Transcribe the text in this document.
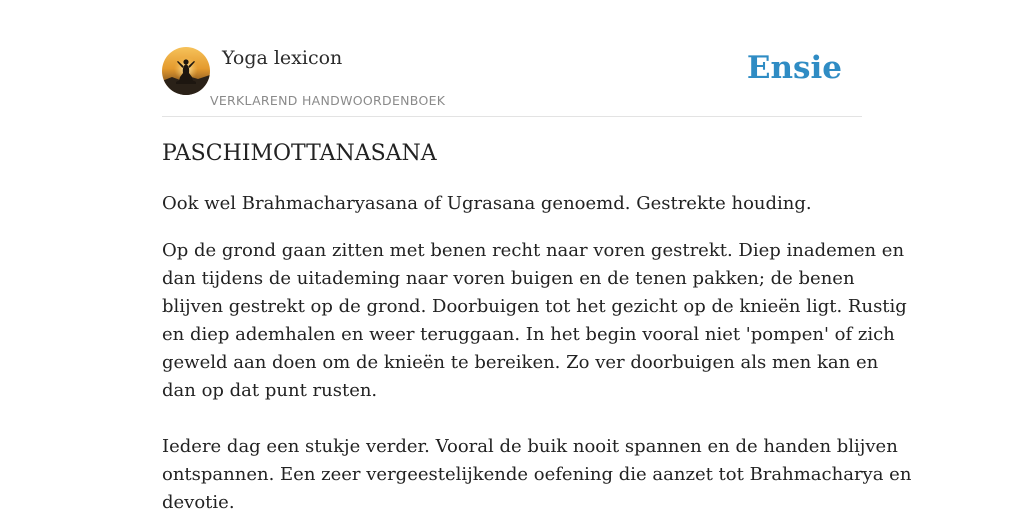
Yoga lexicon
VERKLAREND HANDWOORDENBOEK
Ensie
PASCHIMOTTANASANA

Ook wel Brahmacharyasana of Ugrasana genoemd. Gestrekte houding.

Op de grond gaan zitten met benen recht naar voren gestrekt. Diep inademen en
dan tijdens de uitademing naar voren buigen en de tenen pakken; de benen
blijven gestrekt op de grond. Doorbuigen tot het gezicht op de knieën ligt. Rustig
en diep ademhalen en weer teruggaan. In het begin vooral niet 'pompen' of zich
geweld aan doen om de knieën te bereiken. Zo ver doorbuigen als men kan en
dan op dat punt rusten.
Iedere dag een stukje verder. Vooral de buik nooit spannen en de handen blijven
ontspannen. Een zeer vergeestelijkende oefening die aanzet tot Brahmacharya en
devotie.
